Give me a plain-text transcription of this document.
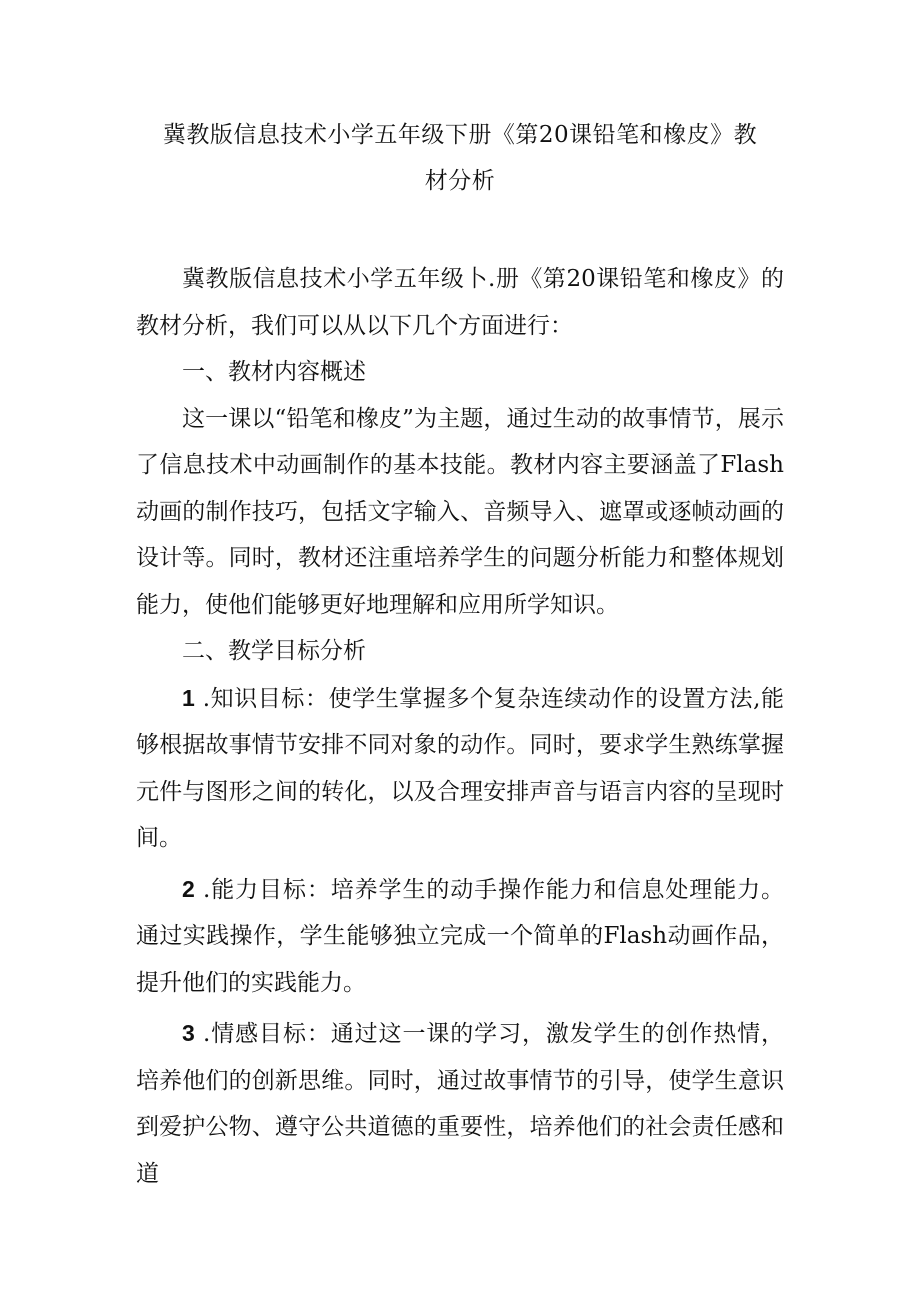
冀教版信息技术小学五年级下册《第20课铅笔和橡皮》教
材分析

冀教版信息技术小学五年级卜.册《第20课铅笔和橡皮》的教材分析，我们可以从以下几个方面进行：

一、教材内容概述

这一课以“铅笔和橡皮”为主题，通过生动的故事情节，展示了信息技术中动画制作的基本技能。教材内容主要涵盖了Flash动画的制作技巧，包括文字输入、音频导入、遮罩或逐帧动画的设计等。同时，教材还注重培养学生的问题分析能力和整体规划能力，使他们能够更好地理解和应用所学知识。

二、教学目标分析

1 .知识目标：使学生掌握多个复杂连续动作的设置方法,能够根据故事情节安排不同对象的动作。同时，要求学生熟练掌握元件与图形之间的转化，以及合理安排声音与语言内容的呈现时间。

2 .能力目标：培养学生的动手操作能力和信息处理能力。通过实践操作，学生能够独立完成一个简单的Flash动画作品，提升他们的实践能力。

3 .情感目标：通过这一课的学习，激发学生的创作热情，培养他们的创新思维。同时，通过故事情节的引导，使学生意识到爱护公物、遵守公共道德的重要性，培养他们的社会责任感和道
